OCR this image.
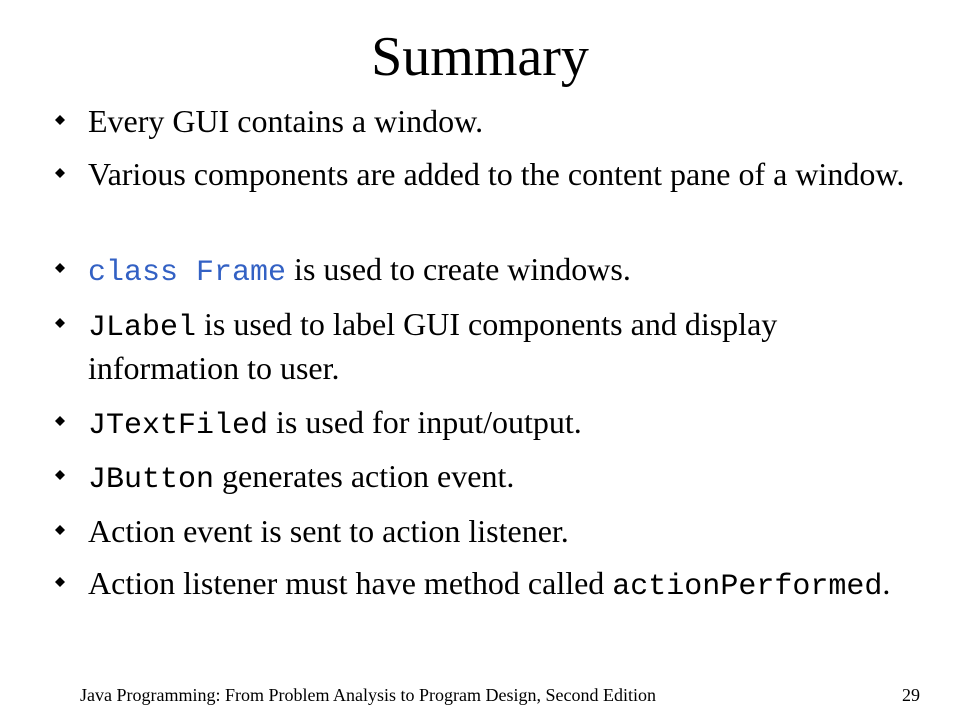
Summary
Every GUI contains a window.
Various components are added to the content pane of a window.
class Frame is used to create windows.
JLabel is used to label GUI components and display information to user.
JTextFiled is used for input/output.
JButton generates action event.
Action event is sent to action listener.
Action listener must have method called actionPerformed.
Java Programming: From Problem Analysis to Program Design, Second Edition	29
